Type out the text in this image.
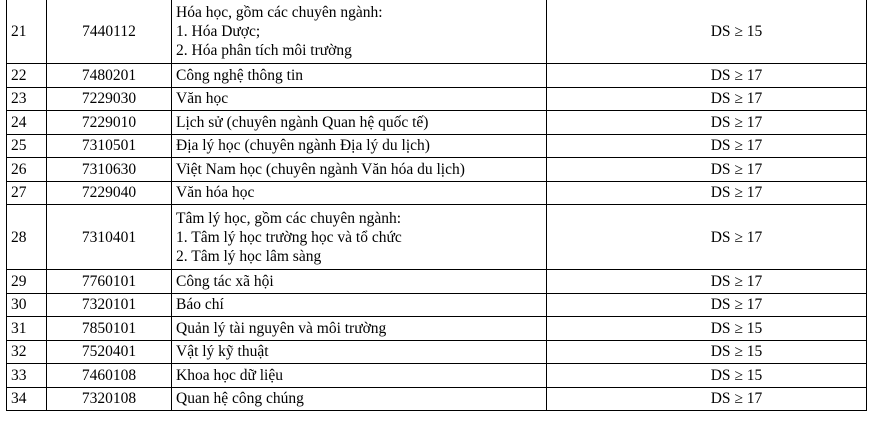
21	7440112	Hóa học, gồm các chuyên ngành:
1. Hóa Dược;
2. Hóa phân tích môi trường	DS ≥ 15
22	7480201	Công nghệ thông tin	DS ≥ 17
23	7229030	Văn học	DS ≥ 17
24	7229010	Lịch sử (chuyên ngành Quan hệ quốc tế)	DS ≥ 17
25	7310501	Địa lý học (chuyên ngành Địa lý du lịch)	DS ≥ 17
26	7310630	Việt Nam học (chuyên ngành Văn hóa du lịch)	DS ≥ 17
27	7229040	Văn hóa học	DS ≥ 17
28	7310401	Tâm lý học, gồm các chuyên ngành:
1. Tâm lý học trường học và tổ chức
2. Tâm lý học lâm sàng	DS ≥ 17
29	7760101	Công tác xã hội	DS ≥ 17
30	7320101	Báo chí	DS ≥ 17
31	7850101	Quản lý tài nguyên và môi trường	DS ≥ 15
32	7520401	Vật lý kỹ thuật	DS ≥ 15
33	7460108	Khoa học dữ liệu	DS ≥ 15
34	7320108	Quan hệ công chúng	DS ≥ 17
